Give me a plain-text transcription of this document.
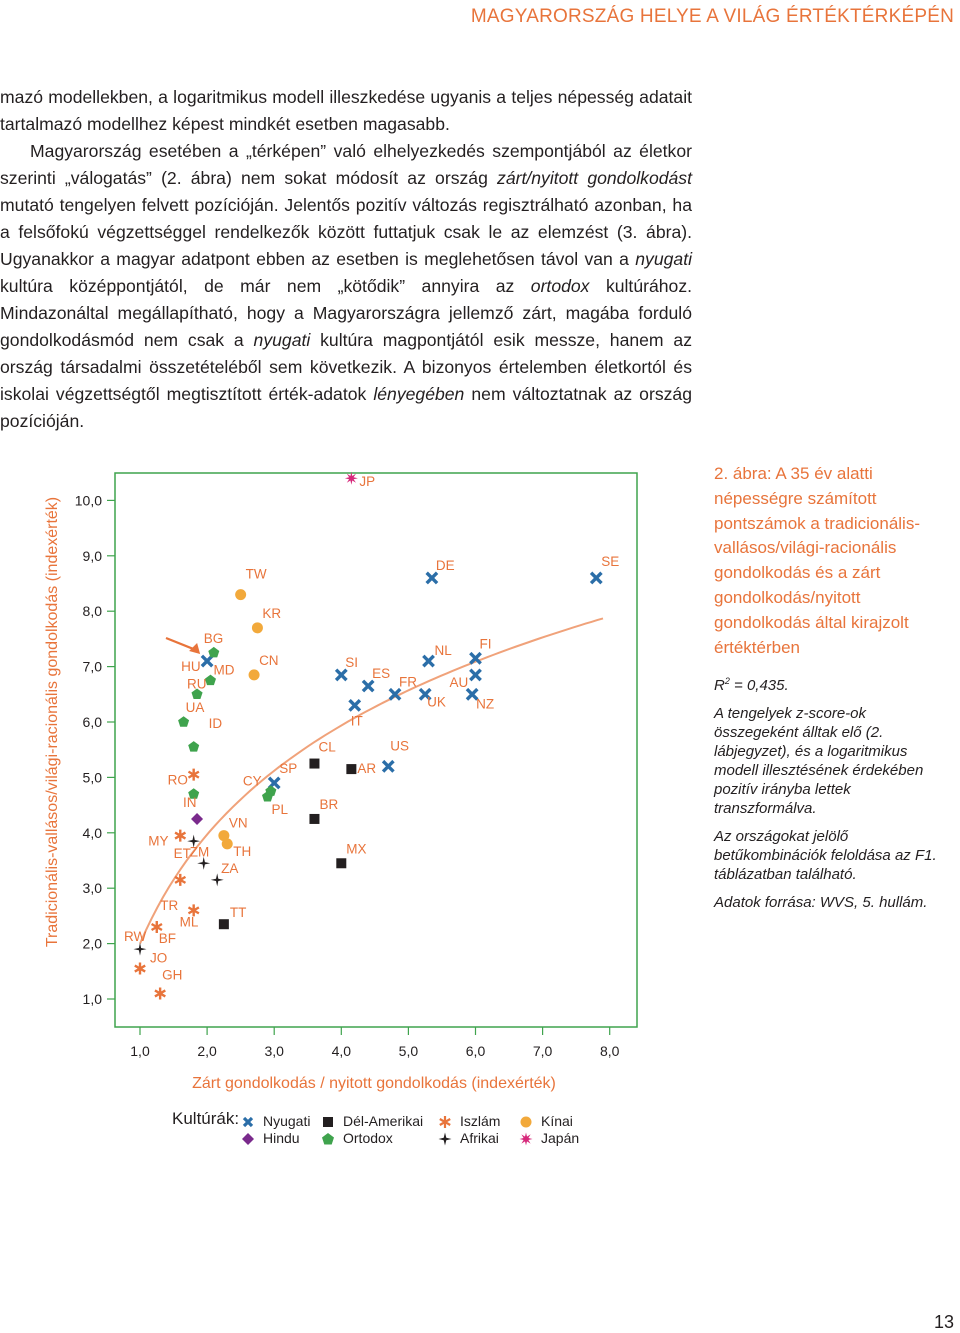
MAGYARORSZÁG HELYE A VILÁG ÉRTÉKTÉRKÉPÉN

mazó modellekben, a logaritmikus modell illeszkedése ugyanis a teljes népesség adatait tartalmazó modellhez képest mindkét esetben magasabb.

Magyarország esetében a „térképen” való elhelyezkedés szempontjából az életkor szerinti „válogatás” (2. ábra) nem sokat módosít az ország zárt/nyitott gondolkodást mutató tengelyen felvett pozícióján. Jelentős pozitív változás regisztrálható azonban, ha a felsőfokú végzettséggel rendelkezők között futtatjuk csak le az elemzést (3. ábra). Ugyanakkor a magyar adatpont ebben az esetben is meglehetősen távol van a nyugati kultúra középpontjától, de már nem „kötődik” annyira az ortodox kultúrához. Mindazonáltal megállapítható, hogy a Magyarországra jellemző zárt, magába forduló gondolkodásmód nem csak a nyugati kultúra magpontjától esik messze, hanem az ország társadalmi összetételéből sem következik. A bizonyos értelemben életkortól és iskolai végzettségtől megtisztított érték-adatok lényegében nem változtatnak az ország pozícióján.

1,0	2,0	3,0	4,0	5,0	6,0	7,0	8,0
1,0
2,0
3,0
4,0
5,0
6,0
7,0
8,0
9,0
10,0
SE
DE
NL FI
UK
AU
NZ
SI
ES
FR
IT
US
HU
SP
CL
AR
BR
MX
TT
RO
MY
TR
ML
BF
JO
GH
TW
KR
CN
VN
TH
IN
BG
MD
RU
UA
ID
CY
PL
ET
ZM
ZA
RW
JP
Tradicionális-vallásos/világi-racionális gondolkodás (indexérték)
Zárt gondolkodás / nyitott gondolkodás (indexérték)

2. ábra: A 35 év alatti népességre számított pontszámok a tradicionális-vallásos/világi-racionális gondolkodás és a zárt gondolkodás/nyitott gondolkodás által kirajzolt értéktérben

$R^2 = 0,435$.

A tengelyek z-score-ok összegeként álltak elő (2. lábjegyzet), és a logaritmikus modell illesztésének érdekében pozitív irányba lettek transzformálva.

Az országokat jelölő betűkombinációk feloldása az F1. táblázatban található.

Adatok forrása: WVS, 5. hullám.

Kultúrák: Nyugati Dél-Amerikai	Iszlám	Kínai
Hindu	Ortodox	Afrikai	Japán
13
